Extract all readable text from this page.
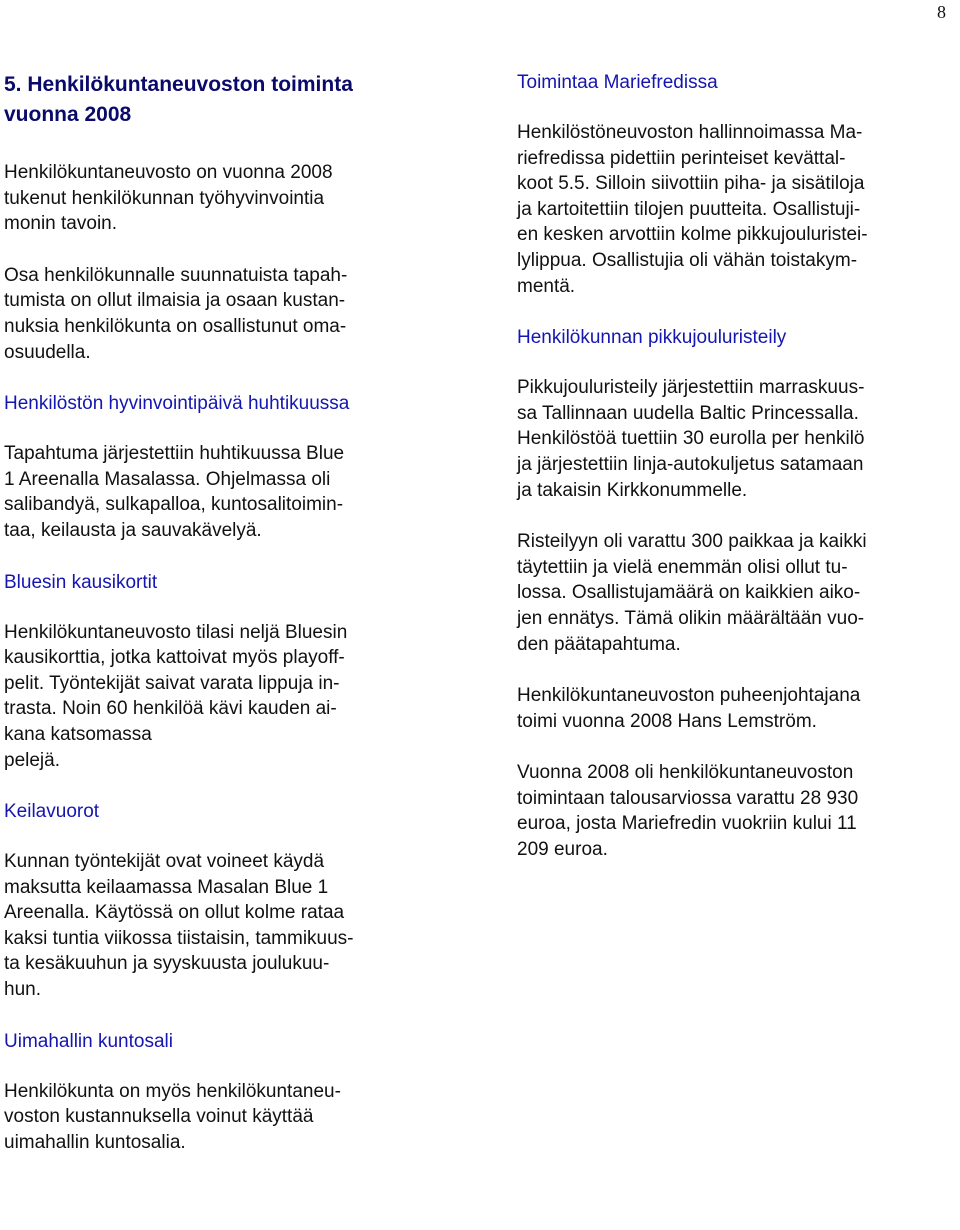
8
5. Henkilökuntaneuvoston toiminta
vuonna 2008

Henkilökuntaneuvosto on vuonna 2008
tukenut henkilökunnan työhyvinvointia
monin tavoin.

Osa henkilökunnalle suunnatuista tapah-
tumista on ollut ilmaisia ja osaan kustan-
nuksia henkilökunta on osallistunut oma-
osuudella.

Henkilöstön hyvinvointipäivä huhtikuussa

Tapahtuma järjestettiin huhtikuussa Blue
1 Areenalla Masalassa. Ohjelmassa oli
salibandyä, sulkapalloa, kuntosalitoimin-
taa, keilausta ja sauvakävelyä.

Bluesin kausikortit

Henkilökuntaneuvosto tilasi neljä Bluesin
kausikorttia, jotka kattoivat myös playoff-
pelit. Työntekijät saivat varata lippuja in-
trasta. Noin 60 henkilöä kävi kauden ai-
kana katsomassa
pelejä.

Keilavuorot

Kunnan työntekijät ovat voineet käydä
maksutta keilaamassa Masalan Blue 1
Areenalla. Käytössä on ollut kolme rataa
kaksi tuntia viikossa tiistaisin, tammikuus-
ta kesäkuuhun ja syyskuusta joulukuu-
hun.

Uimahallin kuntosali

Henkilökunta on myös henkilökuntaneu-
voston kustannuksella voinut käyttää
uimahallin kuntosalia.

Toimintaa Mariefredissa

Henkilöstöneuvoston hallinnoimassa Ma-
riefredissa pidettiin perinteiset kevättal-
koot 5.5. Silloin siivottiin piha- ja sisätiloja
ja kartoitettiin tilojen puutteita. Osallistuji-
en kesken arvottiin kolme pikkujouluristei-
lylippua. Osallistujia oli vähän toistakym-
mentä.

Henkilökunnan pikkujouluristeily

Pikkujouluristeily järjestettiin marraskuus-
sa Tallinnaan uudella Baltic Princessalla.
Henkilöstöä tuettiin 30 eurolla per henkilö
ja järjestettiin linja-autokuljetus satamaan
ja takaisin Kirkkonummelle.

Risteilyyn oli varattu 300 paikkaa ja kaikki
täytettiin ja vielä enemmän olisi ollut tu-
lossa. Osallistujamäärä on kaikkien aiko-
jen ennätys. Tämä olikin määrältään vuo-
den päätapahtuma.

Henkilökuntaneuvoston puheenjohtajana
toimi vuonna 2008 Hans Lemström.

Vuonna 2008 oli henkilökuntaneuvoston
toimintaan talousarviossa varattu 28 930
euroa, josta Mariefredin vuokriin kului 11
209 euroa.
